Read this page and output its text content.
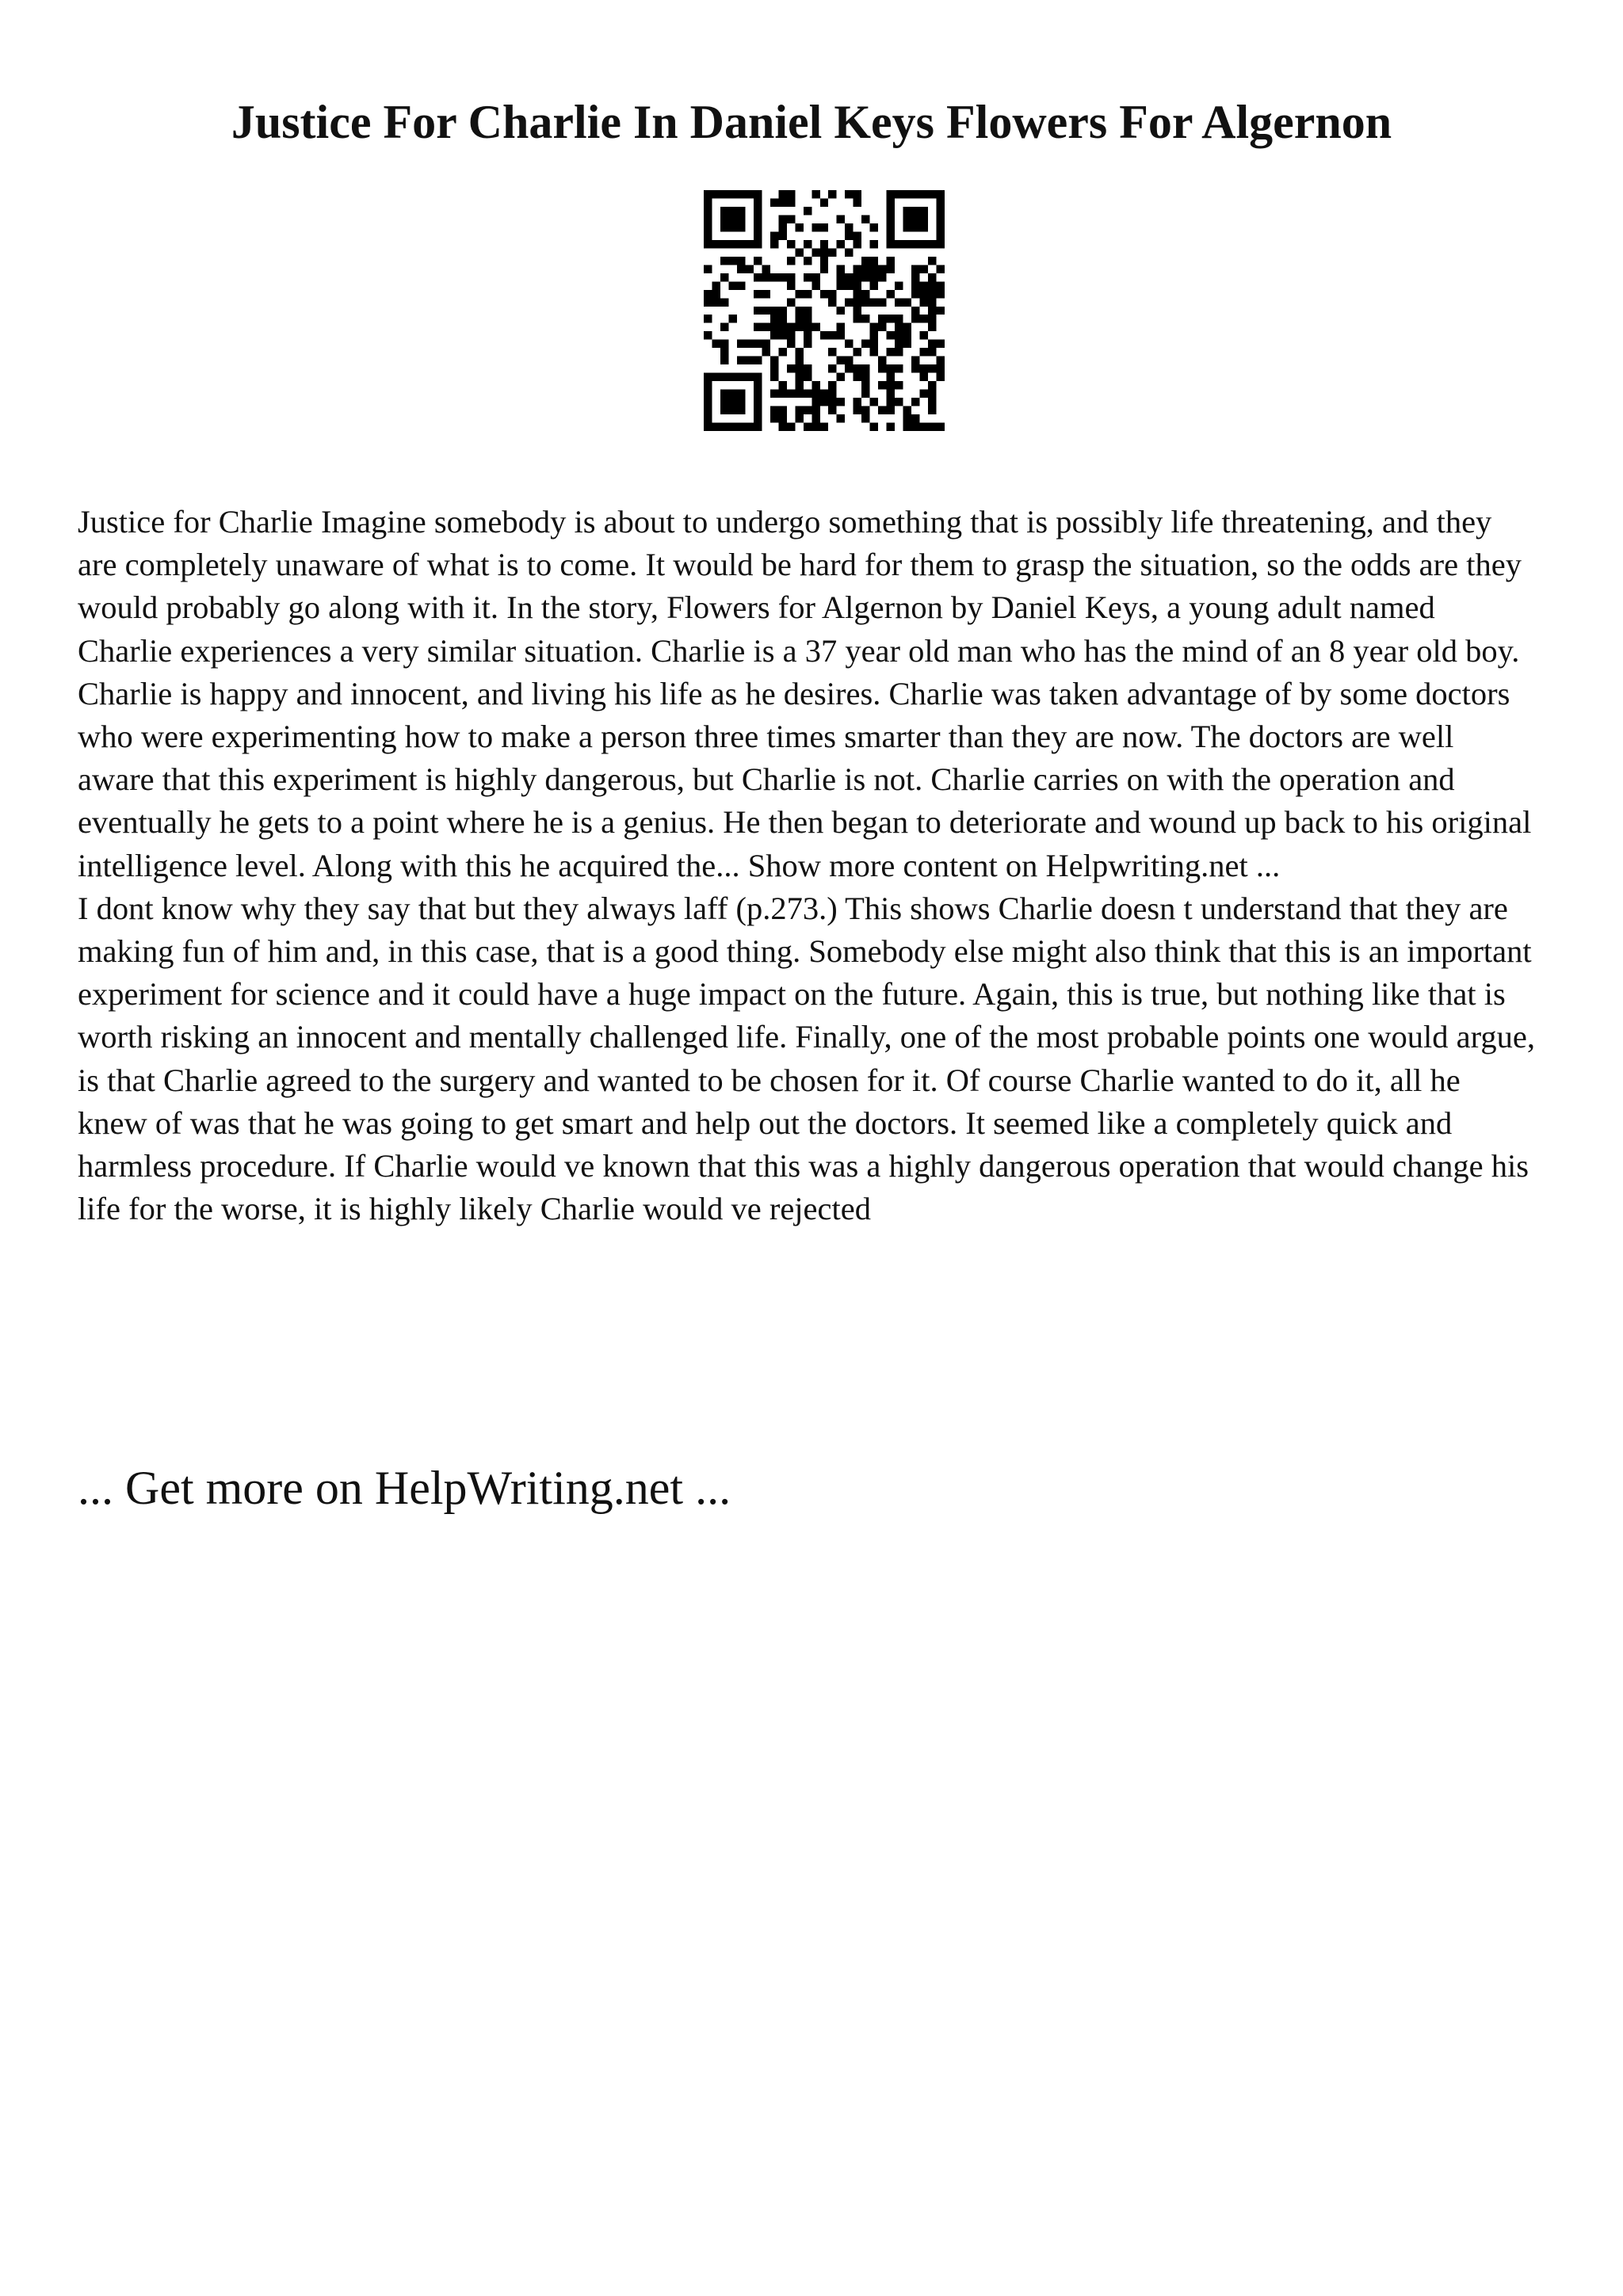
Justice For Charlie In Daniel Keys Flowers For Algernon

Justice for Charlie Imagine somebody is about to undergo something that is possibly life threatening, and they are completely unaware of what is to come. It would be hard for them to grasp the situation, so the odds are they would probably go along with it. In the story, Flowers for Algernon by Daniel Keys, a young adult named Charlie experiences a very similar situation. Charlie is a 37 year old man who has the mind of an 8 year old boy. Charlie is happy and innocent, and living his life as he desires. Charlie was taken advantage of by some doctors who were experimenting how to make a person three times smarter than they are now. The doctors are well aware that this experiment is highly dangerous, but Charlie is not. Charlie carries on with the operation and eventually he gets to a point where he is a genius. He then began to deteriorate and wound up back to his original intelligence level. Along with this he acquired the... Show more content on Helpwriting.net ...

I dont know why they say that but they always laff (p.273.) This shows Charlie doesn t understand that they are making fun of him and, in this case, that is a good thing. Somebody else might also think that this is an important experiment for science and it could have a huge impact on the future. Again, this is true, but nothing like that is worth risking an innocent and mentally challenged life. Finally, one of the most probable points one would argue, is that Charlie agreed to the surgery and wanted to be chosen for it. Of course Charlie wanted to do it, all he knew of was that he was going to get smart and help out the doctors. It seemed like a completely quick and harmless procedure. If Charlie would ve known that this was a highly dangerous operation that would change his life for the worse, it is highly likely Charlie would ve rejected

... Get more on HelpWriting.net ...
